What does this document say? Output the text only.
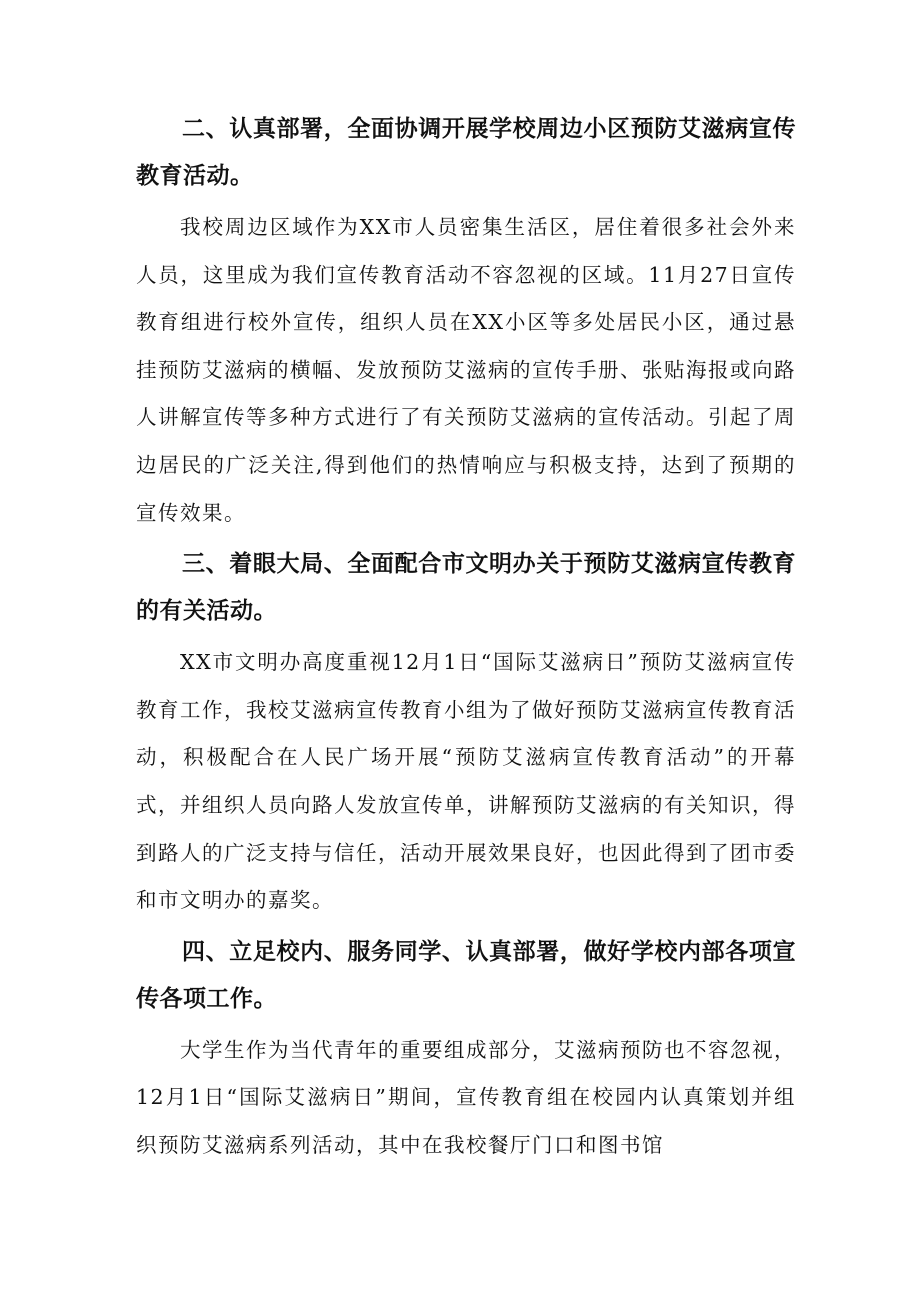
二、认真部署，全面协调开展学校周边小区预防艾滋病宣传教育活动。

我校周边区域作为XX市人员密集生活区，居住着很多社会外来人员，这里成为我们宣传教育活动不容忽视的区域。11月27日宣传教育组进行校外宣传，组织人员在XX小区等多处居民小区，通过悬挂预防艾滋病的横幅、发放预防艾滋病的宣传手册、张贴海报或向路人讲解宣传等多种方式进行了有关预防艾滋病的宣传活动。引起了周边居民的广泛关注,得到他们的热情响应与积极支持，达到了预期的宣传效果。

三、着眼大局、全面配合市文明办关于预防艾滋病宣传教育的有关活动。

XX市文明办高度重视12月1日“国际艾滋病日”预防艾滋病宣传教育工作，我校艾滋病宣传教育小组为了做好预防艾滋病宣传教育活动，积极配合在人民广场开展“预防艾滋病宣传教育活动”的开幕式，并组织人员向路人发放宣传单，讲解预防艾滋病的有关知识，得到路人的广泛支持与信任，活动开展效果良好，也因此得到了团市委和市文明办的嘉奖。

四、立足校内、服务同学、认真部署，做好学校内部各项宣传各项工作。

大学生作为当代青年的重要组成部分，艾滋病预防也不容忽视，12月1日“国际艾滋病日”期间，宣传教育组在校园内认真策划并组织预防艾滋病系列活动，其中在我校餐厅门口和图书馆
